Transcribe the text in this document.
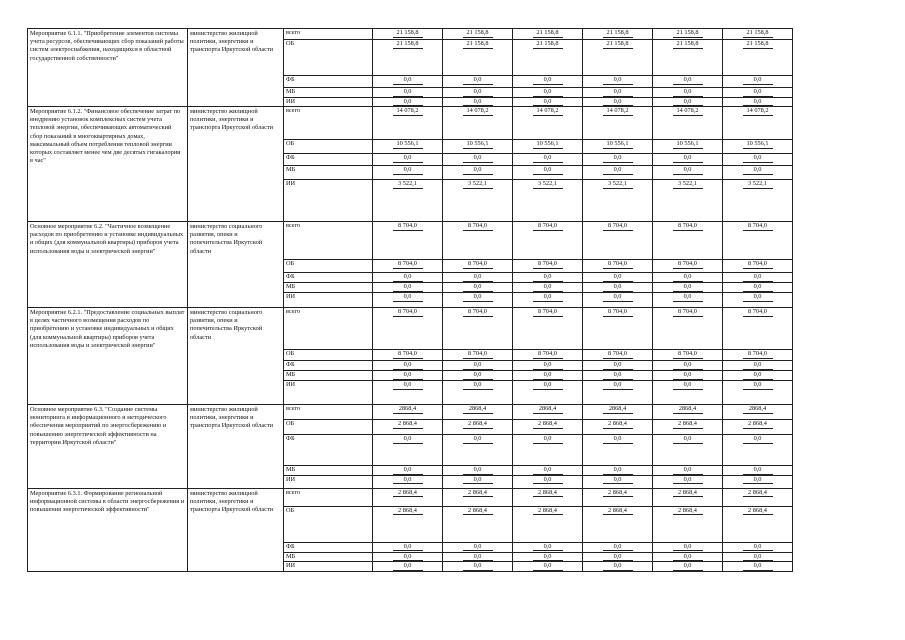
Мероприятие 6.1.1. "Приобретение элементов системы учета ресурсов, обеспечивающих сбор показаний работы систем электроснабжения, находящихся в областной государственной собственности"	министерство жилищной политики, энергетики и транспорта Иркутской области	всего	21 158,8	21 158,8	21 158,8	21 158,8	21 158,8	21 158,8
		ОБ	21 158,8	21 158,8	21 158,8	21 158,8	21 158,8	21 158,8
		ФБ	0,0	0,0	0,0	0,0	0,0	0,0
		МБ	0,0	0,0	0,0	0,0	0,0	0,0
		ИИ	0,0	0,0	0,0	0,0	0,0	0,0
Мероприятие 6.1.2. "Финансовое обеспечение затрат по внедрению установок комплексных систем учета тепловой энергии, обеспечивающих автоматический сбор показаний в многоквартирных домах, максимальный объем потребления тепловой энергии которых составляет менее чем две десятых гигакалории в час"	министерство жилищной политики, энергетики и транспорта Иркутской области	всего	14 078,2	14 078,2	14 078,2	14 078,2	14 078,2	14 078,2
		ОБ	10 556,1	10 556,1	10 556,1	10 556,1	10 556,1	10 556,1
		ФБ	0,0	0,0	0,0	0,0	0,0	0,0
		МБ	0,0	0,0	0,0	0,0	0,0	0,0
		ИИ	3 522,1	3 522,1	3 522,1	3 522,1	3 522,1	3 522,1
Основное мероприятие 6.2. "Частичное возмещение расходов по приобретению и установке индивидуальных и общих (для коммунальной квартиры) приборов учета использования воды и электрической энергии"	министерство социального развития, опеки и попечительства Иркутской области	всего	8 704,0	8 704,0	8 704,0	8 704,0	8 704,0	8 704,0
		ОБ	8 704,0	8 704,0	8 704,0	8 704,0	8 704,0	8 704,0
		ФБ	0,0	0,0	0,0	0,0	0,0	0,0
		МБ	0,0	0,0	0,0	0,0	0,0	0,0
		ИИ	0,0	0,0	0,0	0,0	0,0	0,0
Мероприятие 6.2.1. "Предоставление социальных выплат в целях частичного возмещения расходов по приобретению и установке индивидуальных и общих (для коммунальной квартиры) приборов учета использования воды и электрической энергии"	министерство социального развития, опеки и попечительства Иркутской области	всего	8 704,0	8 704,0	8 704,0	8 704,0	8 704,0	8 704,0
		ОБ	8 704,0	8 704,0	8 704,0	8 704,0	8 704,0	8 704,0
		ФБ	0,0	0,0	0,0	0,0	0,0	0,0
		МБ	0,0	0,0	0,0	0,0	0,0	0,0
		ИИ	0,0	0,0	0,0	0,0	0,0	0,0
Основное мероприятие 6.3. "Создание системы мониторинга и информационного и методического обеспечения мероприятий по энергосбережению и повышению энергетической эффективности на территории Иркутской области"	министерство жилищной политики, энергетики и транспорта Иркутской области	всего	2868,4	2868,4	2868,4	2868,4	2868,4	2868,4
		ОБ	2 868,4	2 868,4	2 868,4	2 868,4	2 868,4	2 868,4
		ФБ	0,0	0,0	0,0	0,0	0,0	0,0
		МБ	0,0	0,0	0,0	0,0	0,0	0,0
		ИИ	0,0	0,0	0,0	0,0	0,0	0,0
Мероприятие 6.3.1. Формирование региональной информационной системы в области энергосбережения и повышения энергетической эффективности"	министерство жилищной политики, энергетики и транспорта Иркутской области	всего	2 868,4	2 868,4	2 868,4	2 868,4	2 868,4	2 868,4
		ОБ	2 868,4	2 868,4	2 868,4	2 868,4	2 868,4	2 868,4
		ФБ	0,0	0,0	0,0	0,0	0,0	0,0
		МБ	0,0	0,0	0,0	0,0	0,0	0,0
		ИИ	0,0	0,0	0,0	0,0	0,0	0,0
